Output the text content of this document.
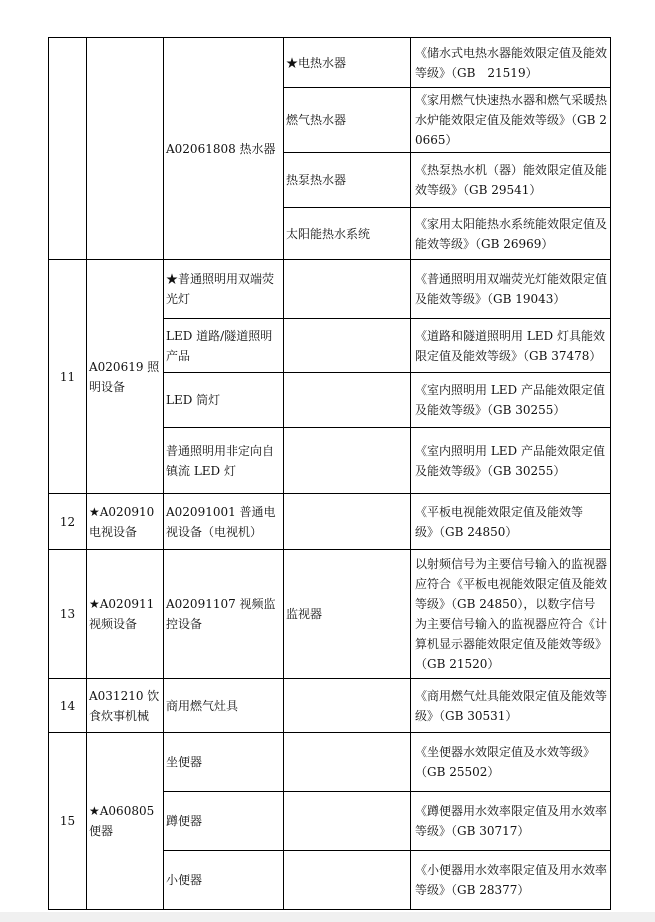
		A02061808 热水器	★电热水器	《储水式电热水器能效限定值及能效等级》（GB　21519）
			燃气热水器	《家用燃气快速热水器和燃气采暖热水炉能效限定值及能效等级》（GB 20665）
			热泵热水器	《热泵热水机（器）能效限定值及能效等级》（GB 29541）
			太阳能热水系统	《家用太阳能热水系统能效限定值及能效等级》（GB 26969）
11	A020619 照明设备	★普通照明用双端荧光灯		《普通照明用双端荧光灯能效限定值及能效等级》（GB 19043）
		LED 道路/隧道照明产品		《道路和隧道照明用 LED 灯具能效限定值及能效等级》（GB 37478）
		LED 筒灯		《室内照明用 LED 产品能效限定值及能效等级》（GB 30255）
		普通照明用非定向自镇流 LED 灯		《室内照明用 LED 产品能效限定值及能效等级》（GB 30255）
12	★A020910 电视设备	A02091001 普通电视设备（电视机）		《平板电视能效限定值及能效等级》（GB 24850）
13	★A020911 视频设备	A02091107 视频监控设备	监视器	以射频信号为主要信号输入的监视器应符合《平板电视能效限定值及能效等级》（GB 24850），以数字信号为主要信号输入的监视器应符合《计算机显示器能效限定值及能效等级》（GB 21520）
14	A031210 饮食炊事机械	商用燃气灶具		《商用燃气灶具能效限定值及能效等级》（GB 30531）
15	★A060805 便器	坐便器		《坐便器水效限定值及水效等级》（GB 25502）
		蹲便器		《蹲便器用水效率限定值及用水效率等级》（GB 30717）
		小便器		《小便器用水效率限定值及用水效率等级》（GB 28377）
